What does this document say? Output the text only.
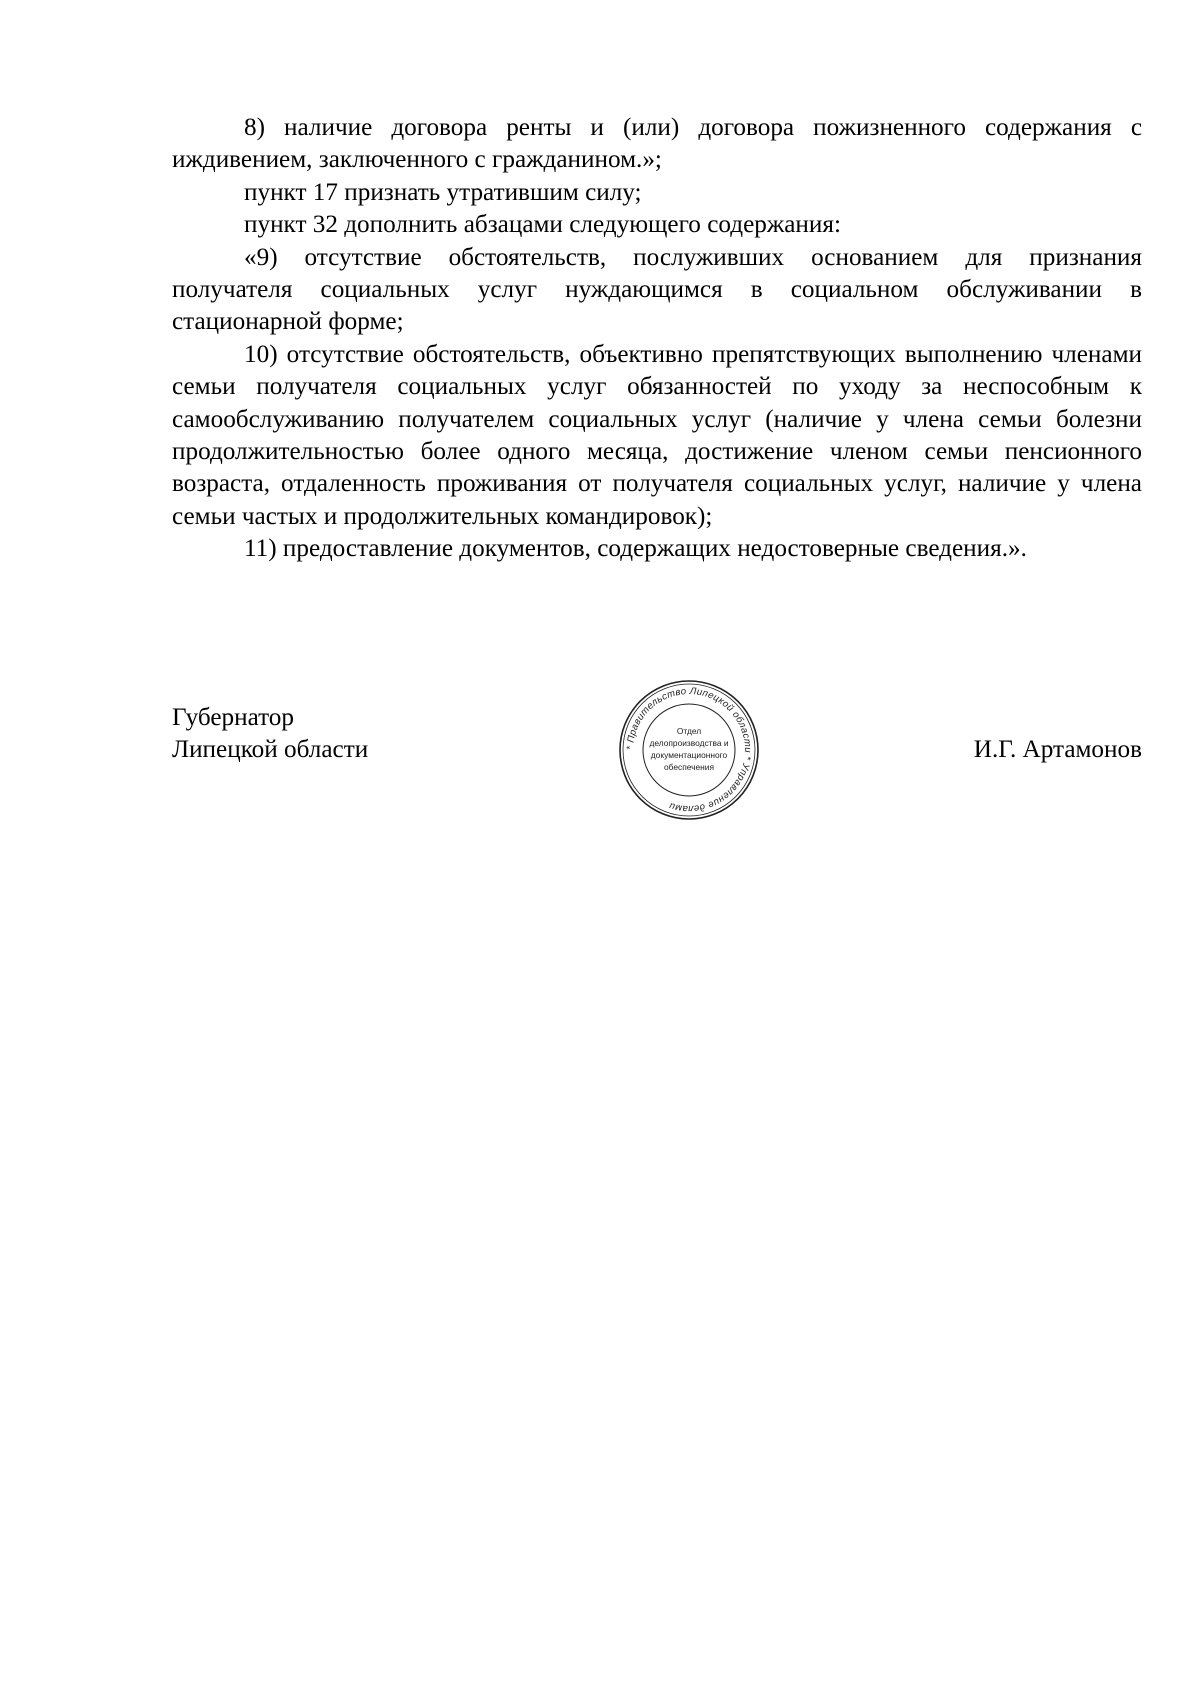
8) наличие договора ренты и (или) договора пожизненного содержания с иждивением, заключенного с гражданином.»;

пункт 17 признать утратившим силу;

пункт 32 дополнить абзацами следующего содержания:

«9) отсутствие обстоятельств, послуживших основанием для признания получателя социальных услуг нуждающимся в социальном обслуживании в стационарной форме;

10) отсутствие обстоятельств, объективно препятствующих выполнению членами семьи получателя социальных услуг обязанностей по уходу за неспособным к самообслуживанию получателем социальных услуг (наличие у члена семьи болезни продолжительностью более одного месяца, достижение членом семьи пенсионного возраста, отдаленность проживания от получателя социальных услуг, наличие у члена семьи частых и продолжительных командировок);

11) предоставление документов, содержащих недостоверные сведения.».

Губернатор
Липецкой области	И.Г. Артамонов
* Правительство Липецкой области * Управление делами
Отдел
делопроизводства и
документационного
обеспечения
